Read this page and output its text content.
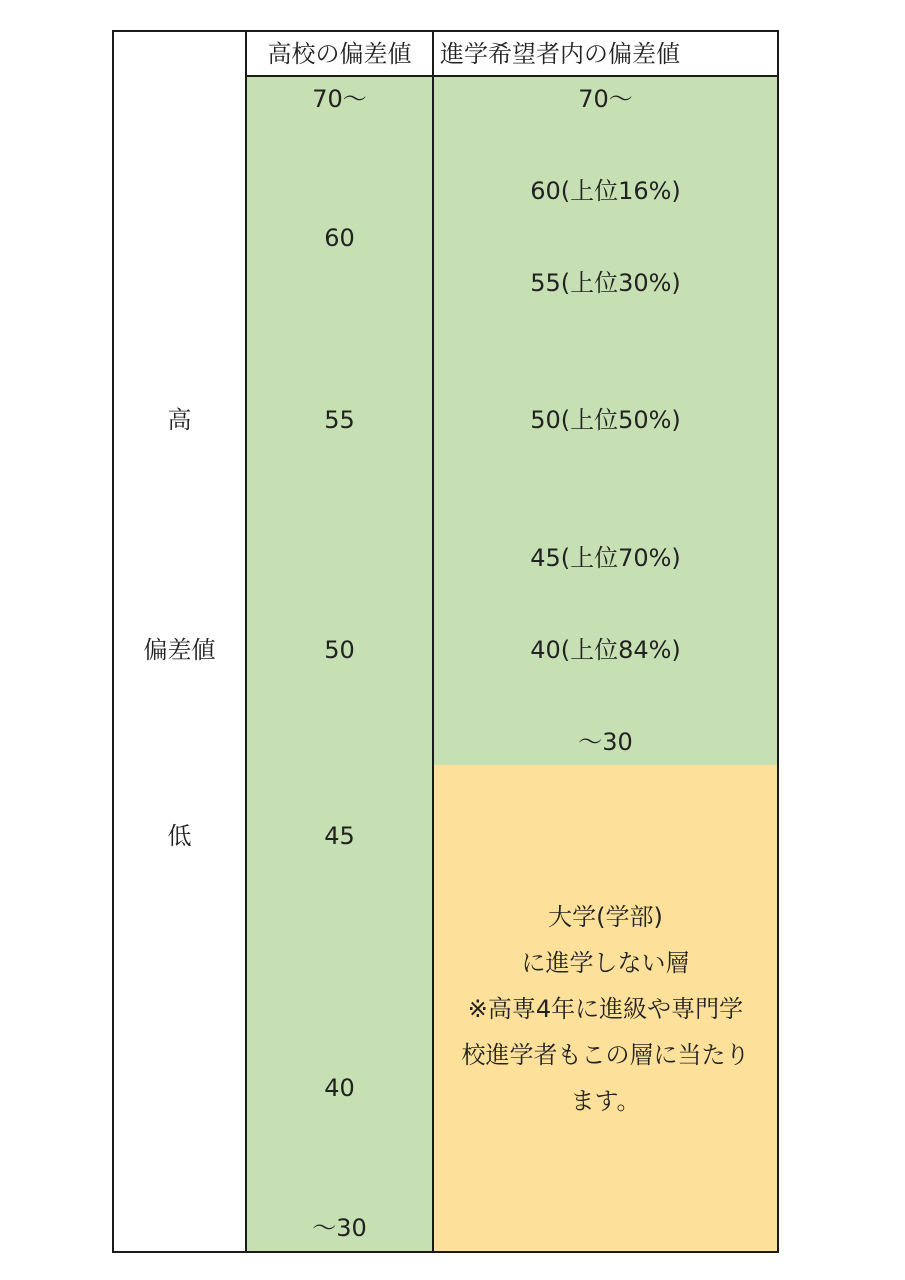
高校の偏差値	進学希望者内の偏差値
高
偏差値
低
70〜
60
55
50
45
40
〜30
70〜
60(上位16%)
55(上位30%)
50(上位50%)
45(上位70%)
40(上位84%)
〜30
大学(学部)
に進学しない層
※高専4年に進級や専門学
校進学者もこの層に当たり
ます。
